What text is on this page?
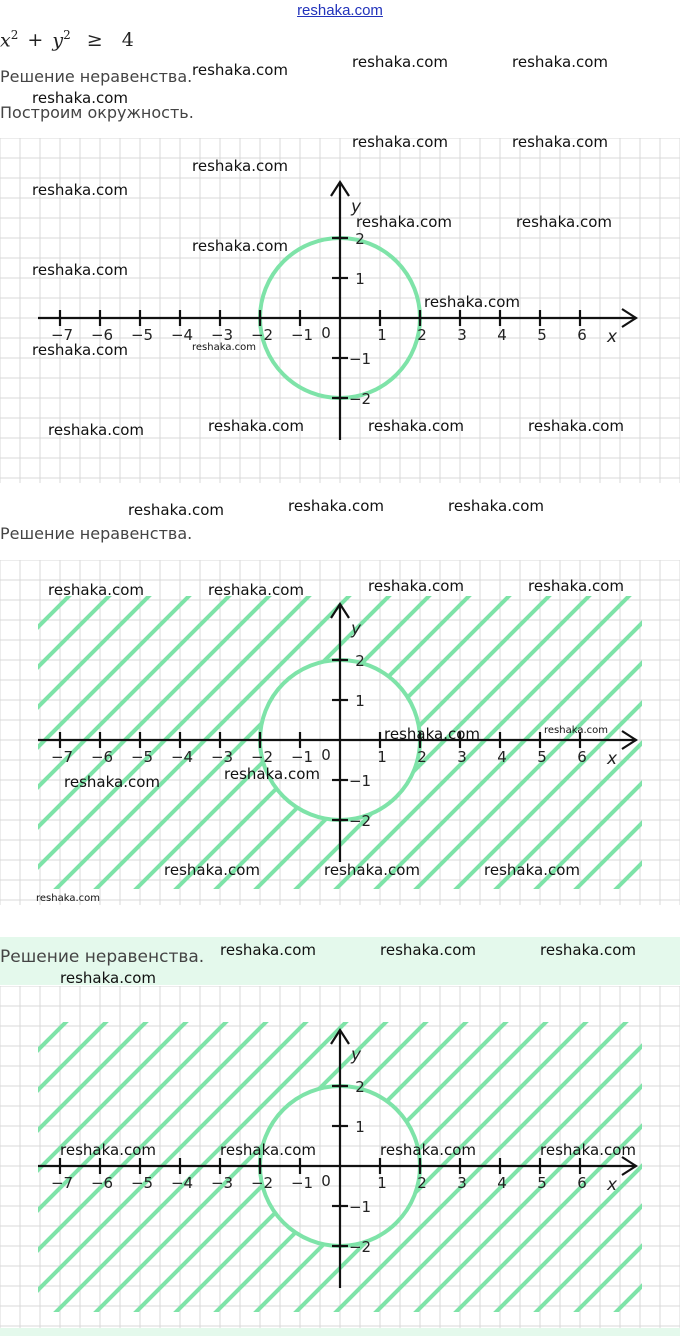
reshaka.com
$x^2 + y^2 \ge 4$
Решение неравенства.
Построим окружность.
−7 −6 −5 −4 −3 −2 −1	1 2 3 4 5 6
2
1
−1
−2
0	x
y
Решение неравенства.
−7 −6 −5 −4 −3 −2 −1	1 2 3 4 5 6
2
1
−1
−2
0	x
y
Решение неравенства.
−7 −6 −5 −4 −3 −2 −1	1 2 3 4 5 6
2
1
−1
−2
0	x
y
reshaka.com	reshaka.com	reshaka.com
reshaka.com
reshaka.com	reshaka.com
reshaka.com
reshaka.com
reshaka.com	reshaka.com
reshaka.com
reshaka.com
reshaka.com
reshaka.com	reshaka.com
reshaka.com	reshaka.com	reshaka.com	reshaka.com
reshaka.com	reshaka.com	reshaka.com
reshaka.com	reshaka.com	reshaka.com	reshaka.com
reshaka.com	reshaka.com
reshaka.com
reshaka.com
reshaka.com	reshaka.com	reshaka.com
reshaka.com
reshaka.com	reshaka.com	reshaka.com
reshaka.com
reshaka.com	reshaka.com	reshaka.com	reshaka.com
